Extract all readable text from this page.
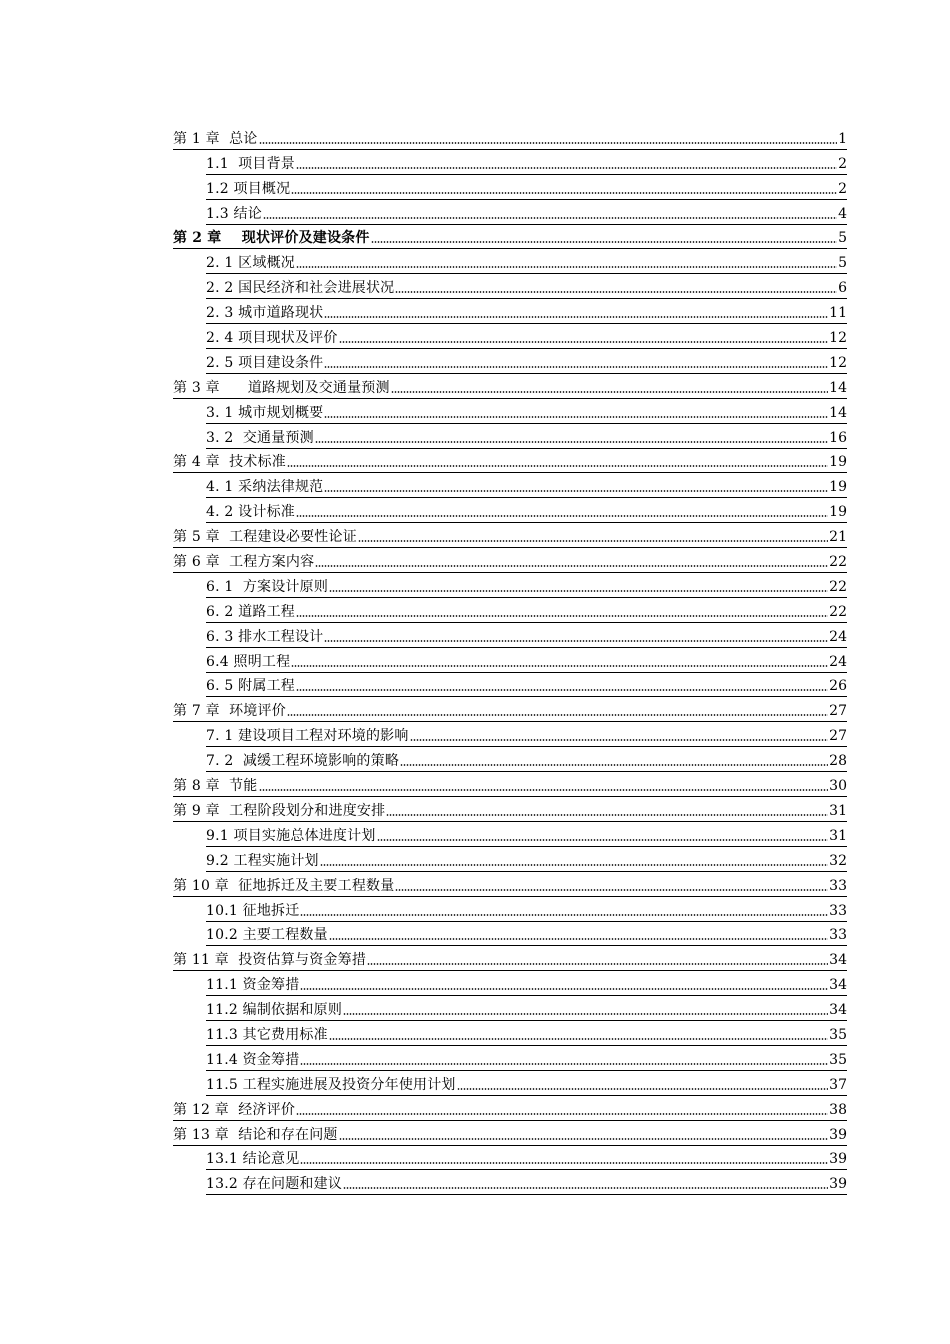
第 1 章  总论	1
1.1  项目背景	2
1.2 项目概况	2
1.3 结论	4
第 2 章    现状评价及建设条件	5
2. 1 区域概况	5
2. 2 国民经济和社会进展状况	6
2. 3 城市道路现状	11
2. 4 项目现状及评价	12
2. 5 项目建设条件	12
第 3 章      道路规划及交通量预测	14
3. 1 城市规划概要	14
3. 2  交通量预测	16
第 4 章  技术标准	19
4. 1 采纳法律规范	19
4. 2 设计标准	19
第 5 章  工程建设必要性论证	21
第 6 章  工程方案内容	22
6. 1  方案设计原则	22
6. 2 道路工程	22
6. 3 排水工程设计	24
6.4 照明工程	24
6. 5 附属工程	26
第 7 章  环境评价	27
7. 1 建设项目工程对环境的影响	27
7. 2  减缓工程环境影响的策略	28
第 8 章  节能	30
第 9 章  工程阶段划分和进度安排	31
9.1 项目实施总体进度计划	31
9.2 工程实施计划	32
第 10 章  征地拆迁及主要工程数量	33
10.1 征地拆迁	33
10.2 主要工程数量	33
第 11 章  投资估算与资金筹措	34
11.1 资金筹措	34
11.2 编制依据和原则	34
11.3 其它费用标准	35
11.4 资金筹措	35
11.5 工程实施进展及投资分年使用计划	37
第 12 章  经济评价	38
第 13 章  结论和存在问题	39
13.1 结论意见	39
13.2 存在问题和建议	39
